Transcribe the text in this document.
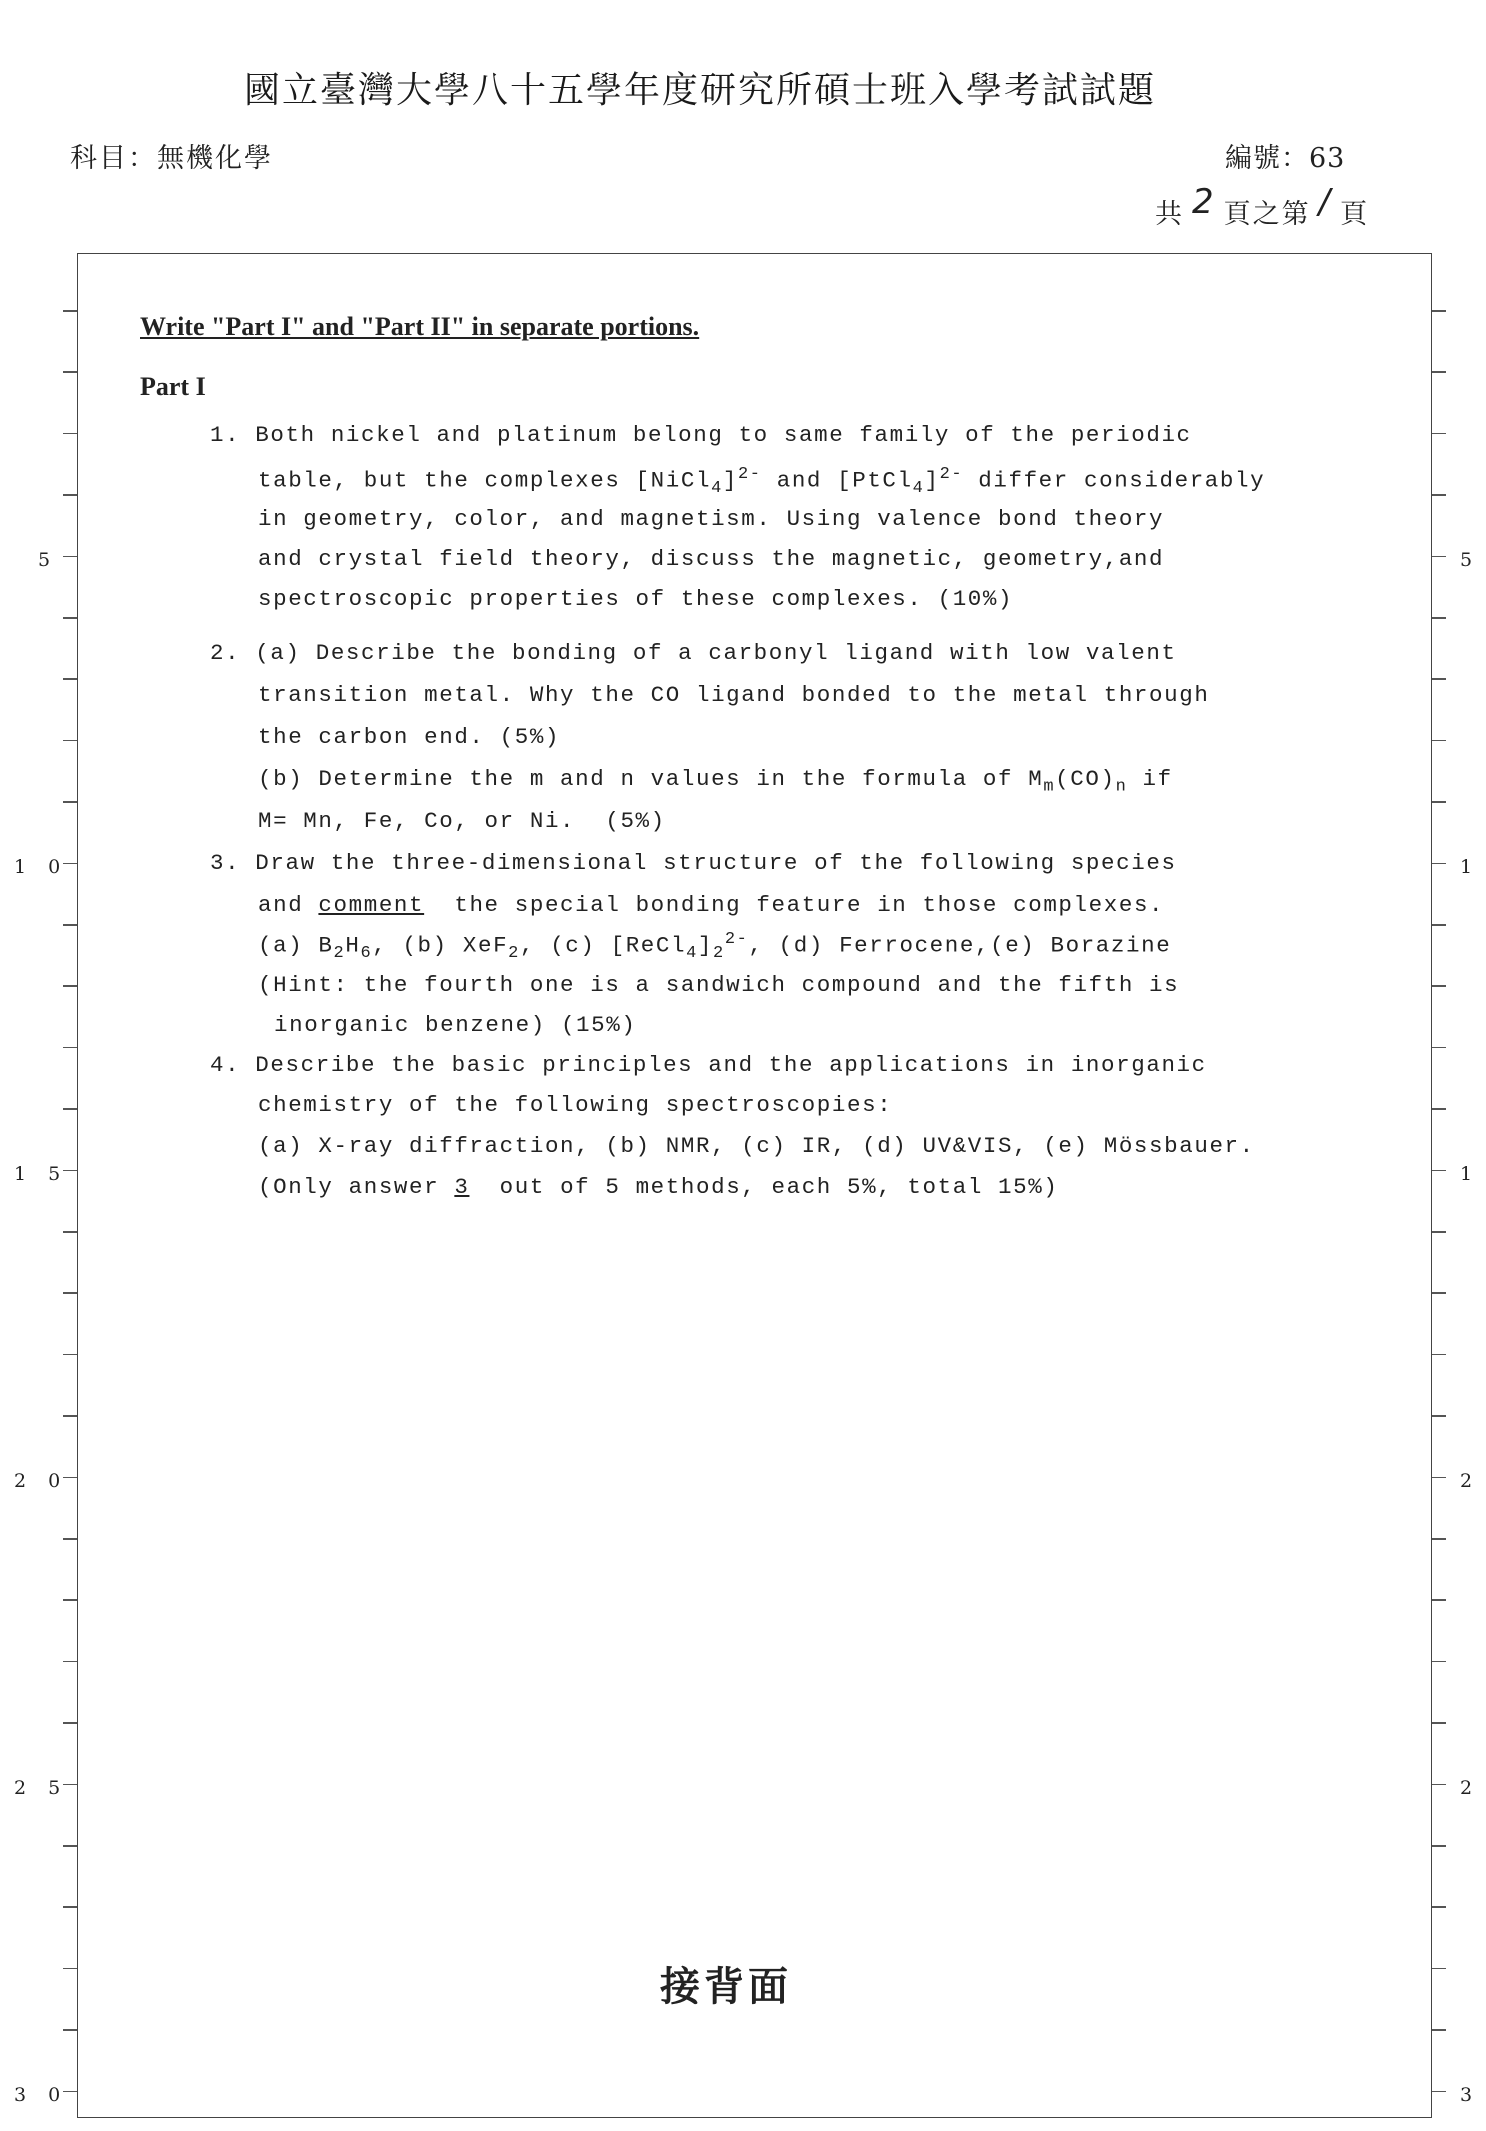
國立臺灣大學八十五學年度研究所碩士班入學考試試題
科目：無機化學	編號：63
共 2 頁之第 / 頁
5
1 0
1 5
2 0
2 5
3 0
5
1
1
2
2
3
Write "Part I" and "Part II" in separate portions.
Part I
1. Both nickel and platinum belong to same family of the periodic
table, but the complexes [NiCl$_4$]$^{2-}$ and [PtCl$_4$]$^{2-}$ differ considerably
in geometry, color, and magnetism. Using valence bond theory
and crystal field theory, discuss the magnetic, geometry,and
spectroscopic properties of these complexes. (10%)
2. (a) Describe the bonding of a carbonyl ligand with low valent
transition metal. Why the CO ligand bonded to the metal through
the carbon end. (5%)
(b) Determine the m and n values in the formula of $M_m(CO)_n$ if
M= Mn, Fe, Co, or Ni.  (5%)
3. Draw the three-dimensional structure of the following species
and comment  the special bonding feature in those complexes.
(a) $B_2H_6$, (b) XeF$_2$, (c) $[ReCl_4]_2^{2-}$, (d) Ferrocene,(e) Borazine
(Hint: the fourth one is a sandwich compound and the fifth is
inorganic benzene) (15%)
4. Describe the basic principles and the applications in inorganic
chemistry of the following spectroscopies:
(a) X-ray diffraction, (b) NMR, (c) IR, (d) UV&VIS, (e) Mössbauer.
(Only answer 3  out of 5 methods, each 5%, total 15%)
接背面
